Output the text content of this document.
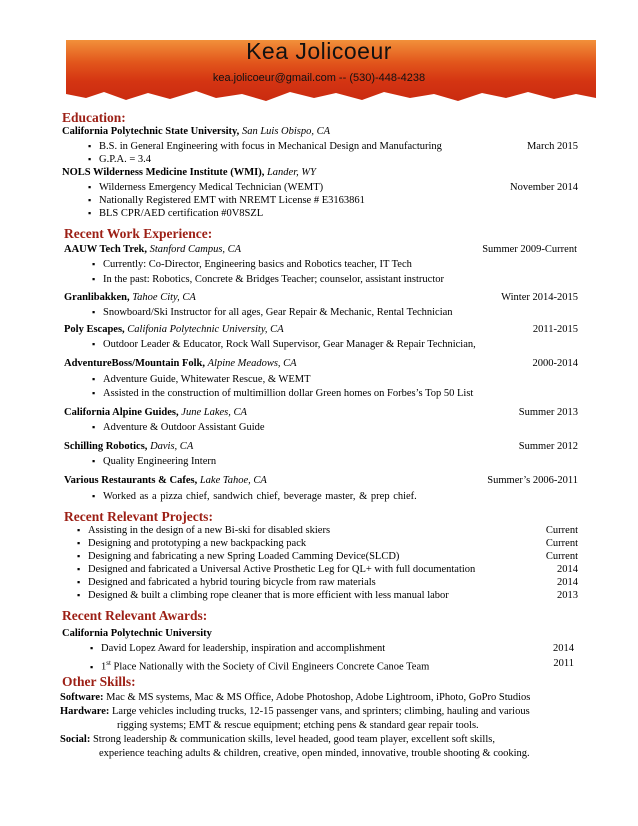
Kea Jolicoeur
kea.jolicoeur@gmail.com -- (530)-448-4238
Education:
California Polytechnic State University, San Luis Obispo, CA
▪ B.S. in General Engineering with focus in Mechanical Design and Manufacturing	March 2015
▪ G.P.A. = 3.4
NOLS Wilderness Medicine Institute (WMI), Lander, WY
▪ Wilderness Emergency Medical Technician (WEMT)	November 2014
▪ Nationally Registered EMT with NREMT License # E3163861
▪ BLS CPR/AED certification #0V8SZL
Recent Work Experience:
AAUW Tech Trek, Stanford Campus, CA	Summer 2009-Current
▪ Currently: Co-Director, Engineering basics and Robotics teacher, IT Tech
▪ In the past: Robotics, Concrete & Bridges Teacher; counselor, assistant instructor
Granlibakken, Tahoe City, CA	Winter 2014-2015
▪ Snowboard/Ski Instructor for all ages, Gear Repair & Mechanic, Rental Technician
Poly Escapes, Califonia Polytechnic University, CA	2011-2015
▪ Outdoor Leader & Educator, Rock Wall Supervisor, Gear Manager & Repair Technician,
AdventureBoss/Mountain Folk, Alpine Meadows, CA	2000-2014
▪ Adventure Guide, Whitewater Rescue, & WEMT
▪ Assisted in the construction of multimillion dollar Green homes on Forbes’s Top 50 List
California Alpine Guides, June Lakes, CA	Summer 2013
▪ Adventure & Outdoor Assistant Guide
Schilling Robotics, Davis, CA	Summer 2012
▪ Quality Engineering Intern
Various Restaurants & Cafes, Lake Tahoe, CA	Summer’s 2006-2011
▪ Worked as a pizza chief, sandwich chief, beverage master, & prep chief.
Recent Relevant Projects:
▪ Assisting in the design of a new Bi-ski for disabled skiers	Current
▪ Designing and prototyping a new backpacking pack	Current
▪ Designing and fabricating a new Spring Loaded Camming Device(SLCD)	Current
▪ Designed and fabricated a Universal Active Prosthetic Leg for QL+ with full documentation	2014
▪ Designed and fabricated a hybrid touring bicycle from raw materials	2014
▪ Designed & built a climbing rope cleaner that is more efficient with less manual labor	2013
Recent Relevant Awards:
California Polytechnic University
▪ David Lopez Award for leadership, inspiration and accomplishment	2014
▪ 1st Place Nationally with the Society of Civil Engineers Concrete Canoe Team	2011
Other Skills:
Software: Mac & MS systems, Mac & MS Office, Adobe Photoshop, Adobe Lightroom, iPhoto, GoPro Studios
Hardware: Large vehicles including trucks, 12-15 passenger vans, and sprinters; climbing, hauling and various
rigging systems; EMT & rescue equipment; etching pens & standard gear repair tools.
Social: Strong leadership & communication skills, level headed, good team player, excellent soft skills,
experience teaching adults & children, creative, open minded, innovative, trouble shooting & cooking.
